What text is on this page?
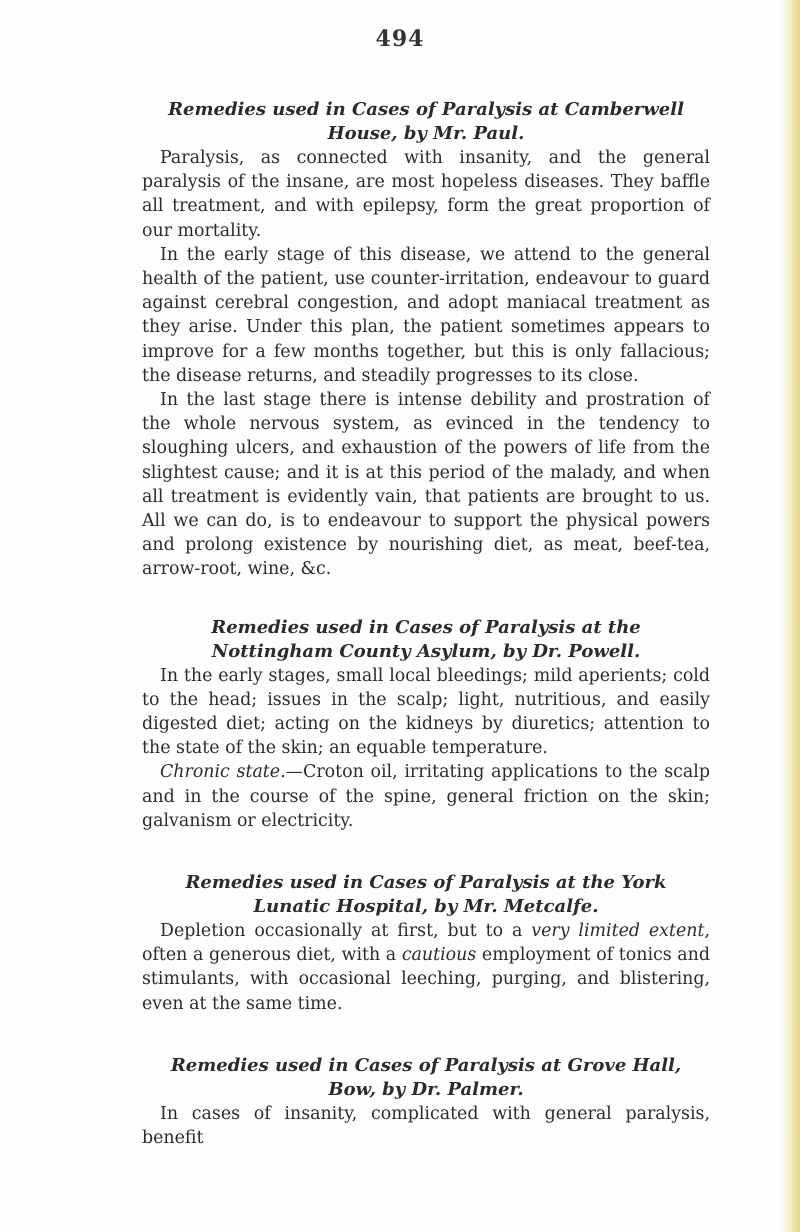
494
Remedies used in Cases of Paralysis at Camberwell House, by Mr. Paul.

Paralysis, as connected with insanity, and the general paralysis of the insane, are most hopeless diseases. They baffle all treatment, and with epilepsy, form the great proportion of our mortality.

In the early stage of this disease, we attend to the general health of the patient, use counter-irritation, endeavour to guard against cerebral congestion, and adopt maniacal treatment as they arise. Under this plan, the patient sometimes appears to improve for a few months together, but this is only fallacious; the disease returns, and steadily progresses to its close.

In the last stage there is intense debility and prostration of the whole nervous system, as evinced in the tendency to sloughing ulcers, and exhaustion of the powers of life from the slightest cause; and it is at this period of the malady, and when all treatment is evidently vain, that patients are brought to us. All we can do, is to endeavour to support the physical powers and prolong existence by nourishing diet, as meat, beef-tea, arrow-root, wine, &c.

Remedies used in Cases of Paralysis at the Nottingham County Asylum, by Dr. Powell.

In the early stages, small local bleedings; mild aperients; cold to the head; issues in the scalp; light, nutritious, and easily digested diet; acting on the kidneys by diuretics; attention to the state of the skin; an equable temperature.

Chronic state.—Croton oil, irritating applications to the scalp and in the course of the spine, general friction on the skin; galvanism or electricity.

Remedies used in Cases of Paralysis at the York Lunatic Hospital, by Mr. Metcalfe.

Depletion occasionally at first, but to a very limited extent, often a generous diet, with a cautious employment of tonics and stimulants, with occasional leeching, purging, and blistering, even at the same time.

Remedies used in Cases of Paralysis at Grove Hall, Bow, by Dr. Palmer.

In cases of insanity, complicated with general paralysis, benefit
